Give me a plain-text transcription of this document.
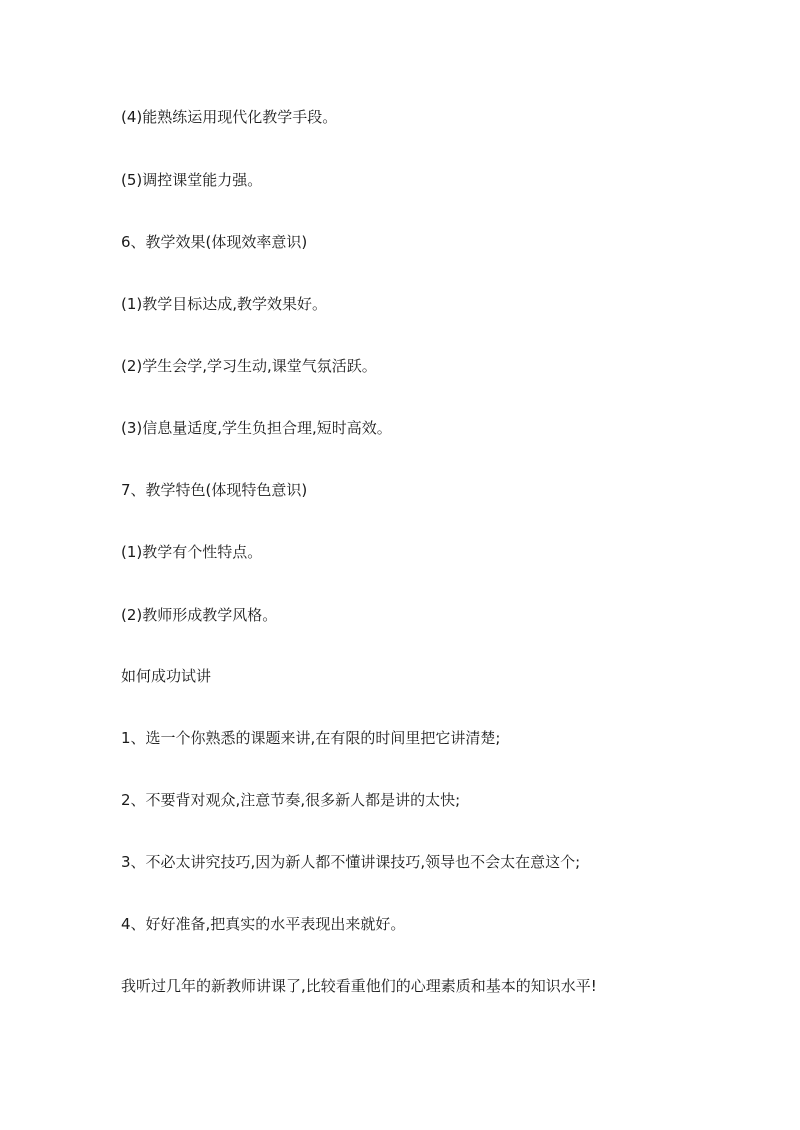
(4)能熟练运用现代化教学手段。

(5)调控课堂能力强。

6、教学效果(体现效率意识)

(1)教学目标达成,教学效果好。

(2)学生会学,学习生动,课堂气氛活跃。

(3)信息量适度,学生负担合理,短时高效。

7、教学特色(体现特色意识)

(1)教学有个性特点。

(2)教师形成教学风格。

如何成功试讲

1、选一个你熟悉的课题来讲,在有限的时间里把它讲清楚;

2、不要背对观众,注意节奏,很多新人都是讲的太快;

3、不必太讲究技巧,因为新人都不懂讲课技巧,领导也不会太在意这个;

4、好好准备,把真实的水平表现出来就好。

我听过几年的新教师讲课了,比较看重他们的心理素质和基本的知识水平!
